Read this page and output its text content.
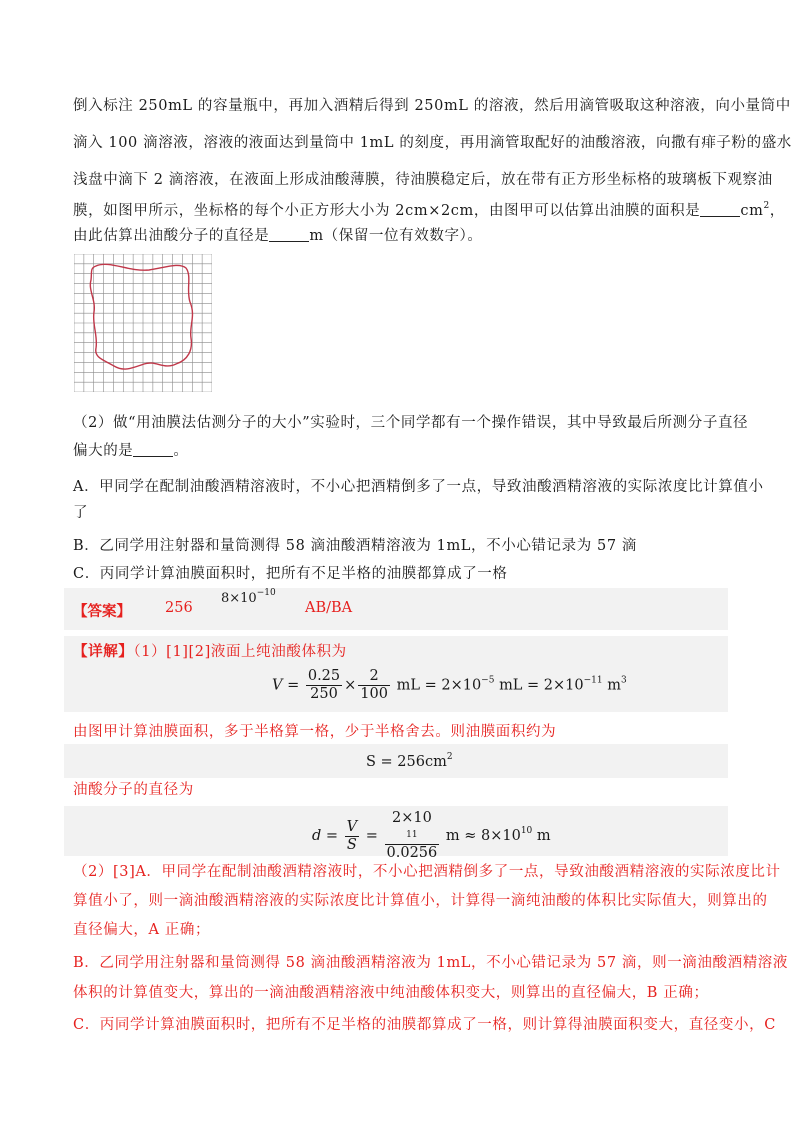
倒入标注 250mL 的容量瓶中，再加入酒精后得到 250mL 的溶液，然后用滴管吸取这种溶液，向小量筒中
滴入 100 滴溶液，溶液的液面达到量筒中 1mL 的刻度，再用滴管取配好的油酸溶液，向撒有痱子粉的盛水
浅盘中滴下 2 滴溶液，在液面上形成油酸薄膜，待油膜稳定后，放在带有正方形坐标格的玻璃板下观察油
膜，如图甲所示，坐标格的每个小正方形大小为 2cm×2cm，由图甲可以估算出油膜的面积是	$cm^2$，
由此估算出油酸分子的直径是	m（保留一位有效数字）。
（2）做“用油膜法估测分子的大小”实验时，三个同学都有一个操作错误，其中导致最后所测分子直径
偏大的是	。
A．甲同学在配制油酸酒精溶液时，不小心把酒精倒多了一点，导致油酸酒精溶液的实际浓度比计算值小
了
B．乙同学用注射器和量筒测得 58 滴油酸酒精溶液为 1mL，不小心错记录为 57 滴
C．丙同学计算油膜面积时，把所有不足半格的油膜都算成了一格
【答案】 256
$8\times 10^{-10}$
AB/BA
【详解】（1）[1][2]液面上纯油酸体积为
$V = \frac{0.25}{250} \times \frac{2}{100}$ mL = $2\times 10^{-5}$ mL = $2\times 10^{-11}$ $m^3$
由图甲计算油膜面积，多于半格算一格，少于半格舍去。则油膜面积约为
$S = 256cm^2$
油酸分子的直径为
$d = \frac{V}{S} = 2\times 10$
11
0.0256 $m \approx 8\times 10^{10}$ m
（2）[3]A．甲同学在配制油酸酒精溶液时，不小心把酒精倒多了一点，导致油酸酒精溶液的实际浓度比计
算值小了，则一滴油酸酒精溶液的实际浓度比计算值小，计算得一滴纯油酸的体积比实际值大，则算出的
直径偏大，A 正确；
B．乙同学用注射器和量筒测得 58 滴油酸酒精溶液为 1mL，不小心错记录为 57 滴，则一滴油酸酒精溶液
体积的计算值变大，算出的一滴油酸酒精溶液中纯油酸体积变大，则算出的直径偏大，B 正确；
C．丙同学计算油膜面积时，把所有不足半格的油膜都算成了一格，则计算得油膜面积变大，直径变小，C
